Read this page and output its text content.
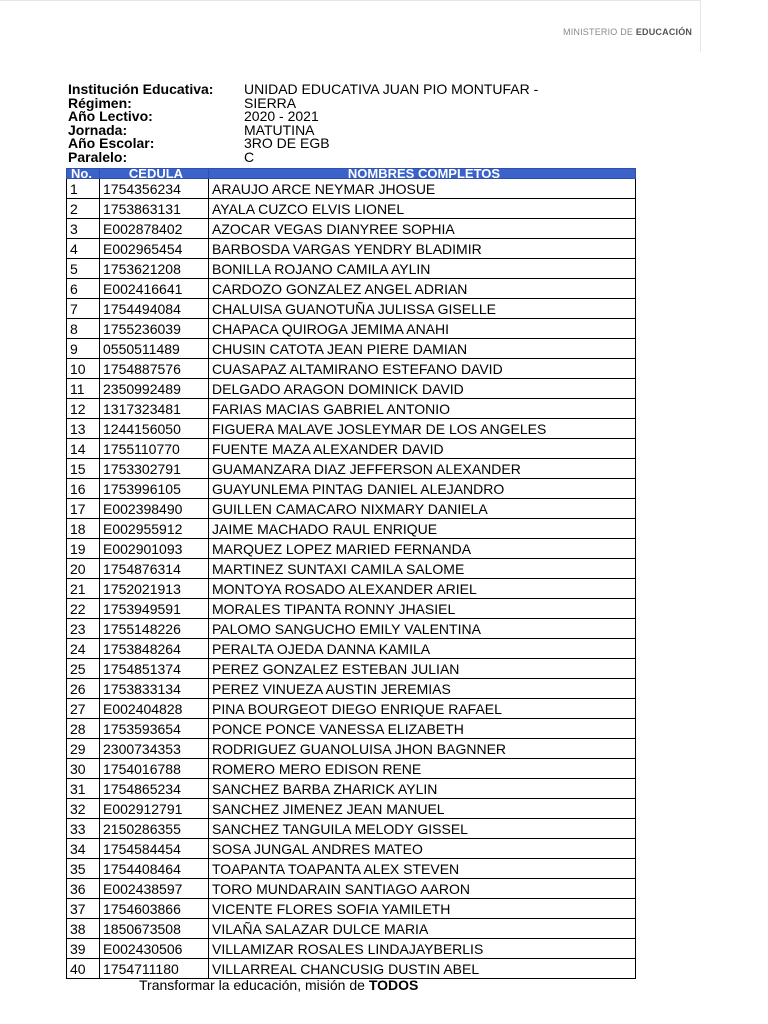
MINISTERIO DE EDUCACIÓN
Institución Educativa:	UNIDAD EDUCATIVA JUAN PIO MONTUFAR -
Régimen:	SIERRA
Año Lectivo:	2020 - 2021
Jornada:	MATUTINA
Año Escolar:	3RO DE EGB
Paralelo:	C
No.	CEDULA	NOMBRES COMPLETOS
1	1754356234	ARAUJO ARCE NEYMAR JHOSUE
2	1753863131	AYALA CUZCO ELVIS LIONEL
3	E002878402	AZOCAR VEGAS DIANYREE SOPHIA
4	E002965454	BARBOSDA VARGAS YENDRY BLADIMIR
5	1753621208	BONILLA ROJANO CAMILA AYLIN
6	E002416641	CARDOZO GONZALEZ ANGEL ADRIAN
7	1754494084	CHALUISA GUANOTUÑA JULISSA GISELLE
8	1755236039	CHAPACA QUIROGA JEMIMA ANAHI
9	0550511489	CHUSIN CATOTA JEAN PIERE DAMIAN
10	1754887576	CUASAPAZ ALTAMIRANO ESTEFANO DAVID
11	2350992489	DELGADO ARAGON DOMINICK DAVID
12	1317323481	FARIAS MACIAS GABRIEL ANTONIO
13	1244156050	FIGUERA MALAVE JOSLEYMAR DE LOS ANGELES
14	1755110770	FUENTE MAZA ALEXANDER DAVID
15	1753302791	GUAMANZARA DIAZ JEFFERSON ALEXANDER
16	1753996105	GUAYUNLEMA PINTAG DANIEL ALEJANDRO
17	E002398490	GUILLEN CAMACARO NIXMARY DANIELA
18	E002955912	JAIME MACHADO RAUL ENRIQUE
19	E002901093	MARQUEZ LOPEZ MARIED FERNANDA
20	1754876314	MARTINEZ SUNTAXI CAMILA SALOME
21	1752021913	MONTOYA ROSADO ALEXANDER ARIEL
22	1753949591	MORALES TIPANTA RONNY JHASIEL
23	1755148226	PALOMO SANGUCHO EMILY VALENTINA
24	1753848264	PERALTA OJEDA DANNA KAMILA
25	1754851374	PEREZ GONZALEZ ESTEBAN JULIAN
26	1753833134	PEREZ VINUEZA AUSTIN JEREMIAS
27	E002404828	PINA BOURGEOT DIEGO ENRIQUE RAFAEL
28	1753593654	PONCE PONCE VANESSA ELIZABETH
29	2300734353	RODRIGUEZ GUANOLUISA JHON BAGNNER
30	1754016788	ROMERO MERO EDISON RENE
31	1754865234	SANCHEZ BARBA ZHARICK AYLIN
32	E002912791	SANCHEZ JIMENEZ JEAN MANUEL
33	2150286355	SANCHEZ TANGUILA MELODY GISSEL
34	1754584454	SOSA JUNGAL ANDRES MATEO
35	1754408464	TOAPANTA TOAPANTA ALEX STEVEN
36	E002438597	TORO MUNDARAIN SANTIAGO AARON
37	1754603866	VICENTE FLORES SOFIA YAMILETH
38	1850673508	VILAÑA SALAZAR DULCE MARIA
39	E002430506	VILLAMIZAR ROSALES LINDAJAYBERLIS
40	1754711180	VILLARREAL CHANCUSIG DUSTIN ABEL
Transformar la educación, misión de TODOS
